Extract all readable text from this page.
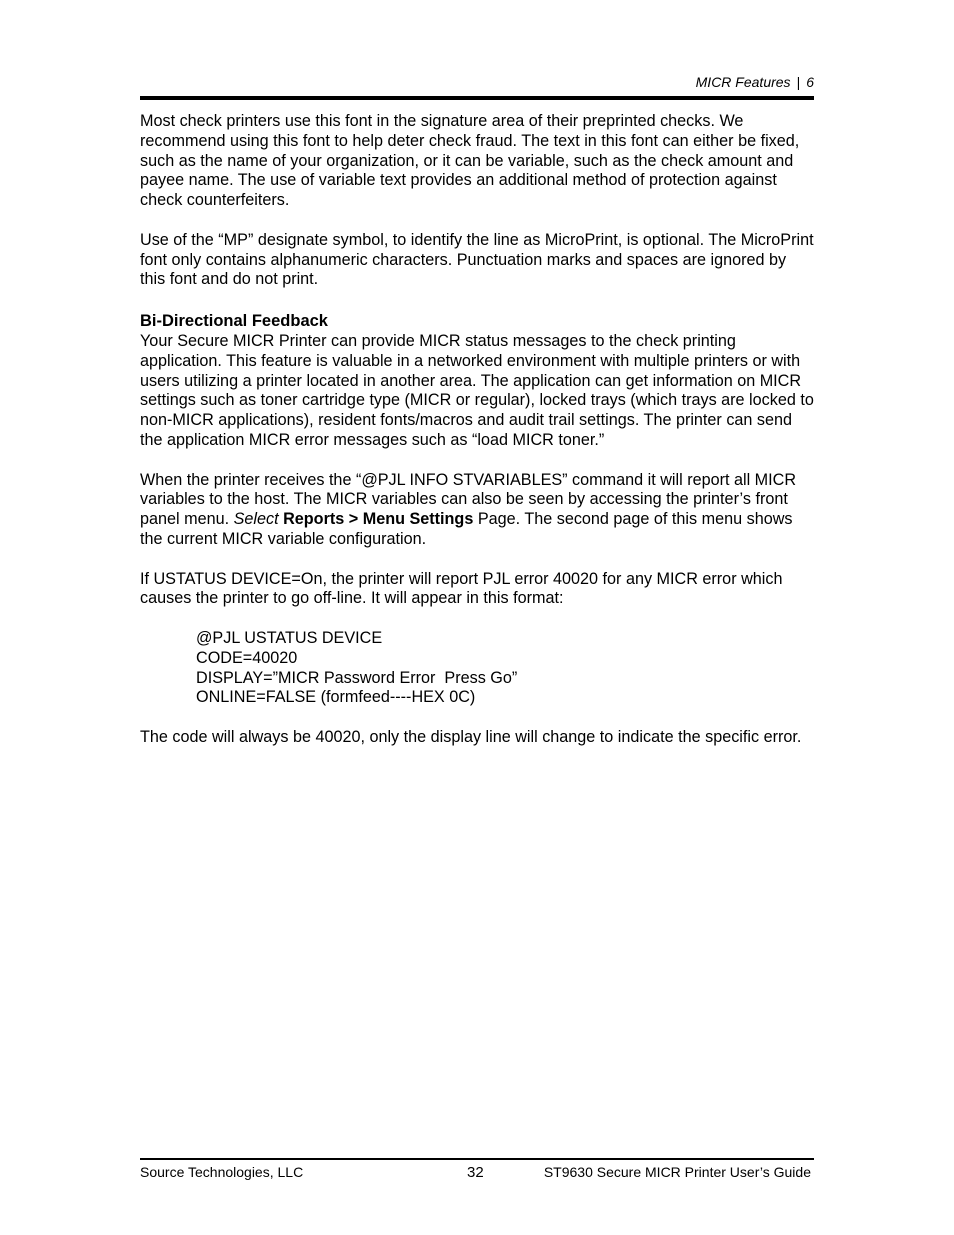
MICR Features | 6

Most check printers use this font in the signature area of their preprinted checks. We recommend using this font to help deter check fraud. The text in this font can either be fixed, such as the name of your organization, or it can be variable, such as the check amount and payee name. The use of variable text provides an additional method of protection against check counterfeiters.

Use of the “MP” designate symbol, to identify the line as MicroPrint, is optional. The MicroPrint font only contains alphanumeric characters. Punctuation marks and spaces are ignored by this font and do not print.

Bi-Directional Feedback

Your Secure MICR Printer can provide MICR status messages to the check printing application. This feature is valuable in a networked environment with multiple printers or with users utilizing a printer located in another area. The application can get information on MICR settings such as toner cartridge type (MICR or regular), locked trays (which trays are locked to non-MICR applications), resident fonts/macros and audit trail settings. The printer can send the application MICR error messages such as “load MICR toner.”

When the printer receives the “@PJL INFO STVARIABLES” command it will report all MICR variables to the host. The MICR variables can also be seen by accessing the printer’s front panel menu. Select Reports > Menu Settings Page. The second page of this menu shows the current MICR variable configuration.

If USTATUS DEVICE=On, the printer will report PJL error 40020 for any MICR error which causes the printer to go off-line. It will appear in this format:

@PJL USTATUS DEVICE
CODE=40020
DISPLAY=”MICR Password Error  Press Go”
ONLINE=FALSE (formfeed----HEX 0C)

The code will always be 40020, only the display line will change to indicate the specific error.

Source Technologies, LLC	32	ST9630 Secure MICR Printer User’s Guide
